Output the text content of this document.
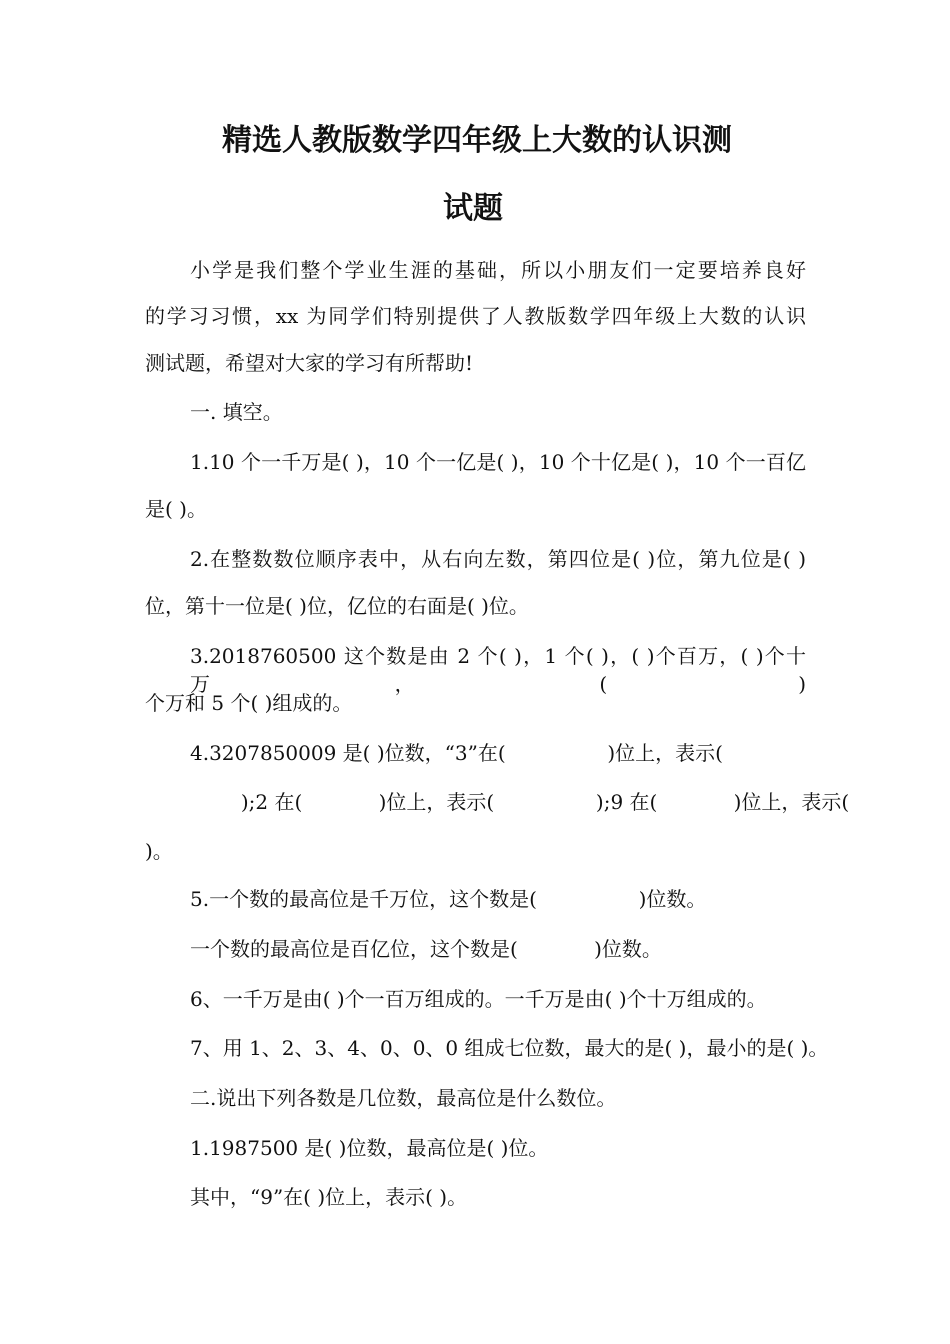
精选人教版数学四年级上大数的认识测

试题

小学是我们整个学业生涯的基础，所以小朋友们一定要培养良好

的学习习惯，xx 为同学们特别提供了人教版数学四年级上大数的认识

测试题，希望对大家的学习有所帮助!

一. 填空。

1.10 个一千万是( )，10 个一亿是( )，10 个十亿是( )，10 个一百亿

是( )。

2.在整数数位顺序表中，从右向左数，第四位是( )位，第九位是( )

位，第十一位是( )位，亿位的右面是( )位。

3.2018760500 这个数是由 2 个( )，1 个( )，( )个百万，( )个十万，( )

个万和 5 个( )组成的。

4.3207850009 是( )位数，“3”在(                )位上，表示(

);2 在(            )位上，表示(                );9 在(            )位上，表示(

)。

5.一个数的最高位是千万位，这个数是(                )位数。

一个数的最高位是百亿位，这个数是(            )位数。

6、一千万是由( )个一百万组成的。一千万是由( )个十万组成的。

7、用 1、2、3、4、0、0、0 组成七位数，最大的是( )，最小的是( )。

二.说出下列各数是几位数，最高位是什么数位。

1.1987500 是( )位数，最高位是( )位。

其中，“9”在( )位上，表示( )。
